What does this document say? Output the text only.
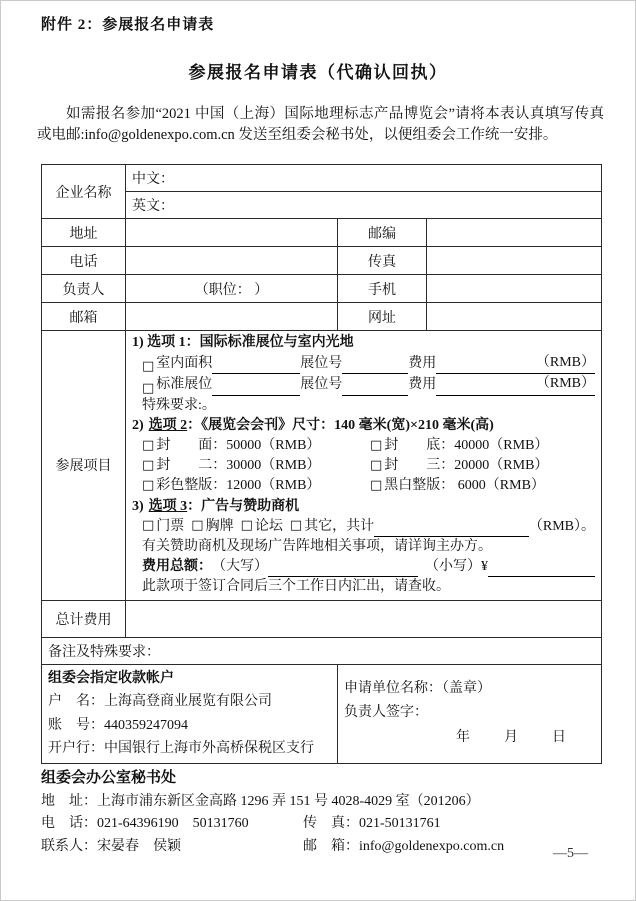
附件 2：参展报名申请表
参展报名申请表（代确认回执）
如需报名参加“2021 中国（上海）国际地理标志产品博览会”请将本表认真填写传真或电邮:info@goldenexpo.com.cn 发送至组委会秘书处，以便组委会工作统一安排。
企业名称	中文：		
	英文：		
地址		邮编	
电话		传真	
负责人	（职位： ）	手机	
邮箱		网址	
参展项目	
1) 选项 1：国际标准展位与室内光地
□ 室内面积	展位号	费用	（RMB）
□ 标准展位	展位号	费用	（RMB）
特殊要求:。
2) 选项 2：《展览会会刊》尺寸：140 毫米(宽)×210 毫米(高)
□ 封　　面：50000（RMB）	□ 封　　底：40000（RMB）
□ 封　　二：30000（RMB）	□ 封　　三：20000（RMB）
□ 彩色整版：12000（RMB）	□ 黑白整版： 6000（RMB）
3) 选项 3：广告与赞助商机
□ 门票 □ 胸牌 □ 论坛 □ 其它，共计	（RMB）。
有关赞助商机及现场广告阵地相关事项，请详询主办方。
费用总额： （大写）	（小写）¥
此款项于签订合同后三个工作日内汇出，请查收。

总计费用			
备注及特殊要求：			

组委会指定收款帐户
户　名：上海高登商业展览有限公司
账　号：440359247094
开户行：中国银行上海市外高桥保税区支行

申请单位名称：（盖章）
负责人签字：
年　　月　　日
组委会办公室秘书处
地　址：上海市浦东新区金高路 1296 弄 151 号 4028-4029 室（201206）
电　话：021-64396190　50131760	传　真：021-50131761
联系人：宋晏春　侯颖	邮　箱：info@goldenexpo.com.cn	—5—
